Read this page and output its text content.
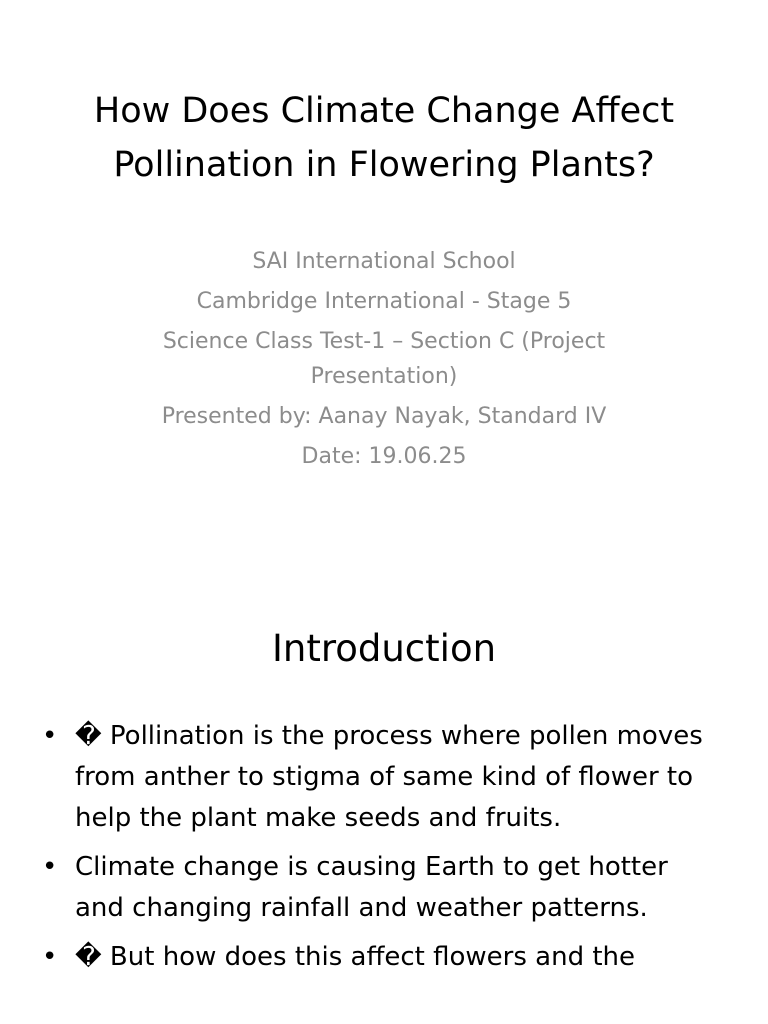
How Does Climate Change Affect Pollination in Flowering Plants?
SAI International School
Cambridge International - Stage 5
Science Class Test-1 – Section C (Project Presentation)
Presented by: Aanay Nayak, Standard IV
Date: 19.06.25
Introduction
• � Pollination is the process where pollen moves from anther to stigma of same kind of flower to help the plant make seeds and fruits.
• Climate change is causing Earth to get hotter and changing rainfall and weather patterns.
• � But how does this affect flowers and the
